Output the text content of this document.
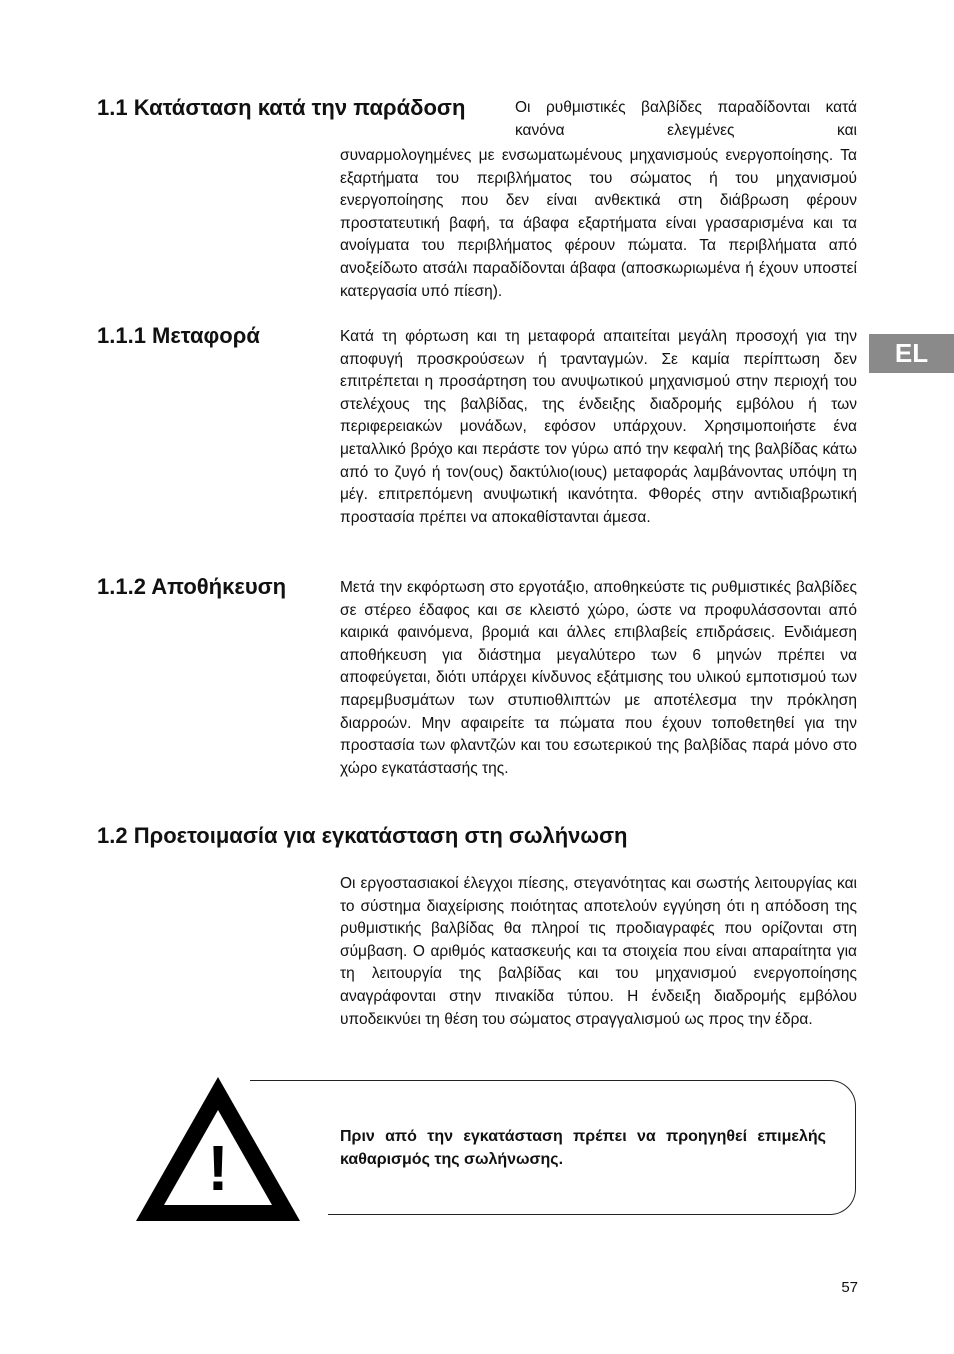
EL
1.1 Κατάσταση κατά την παράδοση	Οι ρυθμιστικές βαλβίδες παραδίδονται κατά κανόνα ελεγμένες και

συναρμολογημένες με ενσωματωμένους μηχανισμούς ενεργοποίησης. Τα εξαρτήματα του περιβλήματος του σώματος ή του μηχανισμού ενεργοποίησης που δεν είναι ανθεκτικά στη διάβρωση φέρουν προστατευτική βαφή, τα άβαφα εξαρτήματα είναι γρασαρισμένα και τα ανοίγματα του περιβλήματος φέρουν πώματα. Τα περιβλήματα από ανοξείδωτο ατσάλι παραδίδονται άβαφα (αποσκωριωμένα ή έχουν υποστεί κατεργασία υπό πίεση).

1.1.1 Μεταφορά	Κατά τη φόρτωση και τη μεταφορά απαιτείται μεγάλη προσοχή για την αποφυγή προσκρούσεων ή τρανταγμών. Σε καμία περίπτωση δεν επιτρέπεται η προσάρτηση του ανυψωτικού μηχανισμού στην περιοχή του στελέχους της βαλβίδας, της ένδειξης διαδρομής εμβόλου ή των περιφερειακών μονάδων, εφόσον υπάρχουν. Χρησιμοποιήστε ένα μεταλλικό βρόχο και περάστε τον γύρω από την κεφαλή της βαλβίδας κάτω από το ζυγό ή τον(ους) δακτύλιο(ιους) μεταφοράς λαμβάνοντας υπόψη τη μέγ. επιτρεπόμενη ανυψωτική ικανότητα. Φθορές στην αντιδιαβρωτική προστασία πρέπει να αποκαθίστανται άμεσα.

1.1.2 Αποθήκευση	Μετά την εκφόρτωση στο εργοτάξιο, αποθηκεύστε τις ρυθμιστικές βαλβίδες σε στέρεο έδαφος και σε κλειστό χώρο, ώστε να προφυλάσσονται από καιρικά φαινόμενα, βρομιά και άλλες επιβλαβείς επιδράσεις. Ενδιάμεση αποθήκευση για διάστημα μεγαλύτερο των 6 μηνών πρέπει να αποφεύγεται, διότι υπάρχει κίνδυνος εξάτμισης του υλικού εμποτισμού των παρεμβυσμάτων των στυπιοθλιπτών με αποτέλεσμα την πρόκληση διαρροών. Μην αφαιρείτε τα πώματα που έχουν τοποθετηθεί για την προστασία των φλαντζών και του εσωτερικού της βαλβίδας παρά μόνο στο χώρο εγκατάστασής της.

1.2 Προετοιμασία για εγκατάσταση στη σωλήνωση

Οι εργοστασιακοί έλεγχοι πίεσης, στεγανότητας και σωστής λειτουργίας και το σύστημα διαχείρισης ποιότητας αποτελούν εγγύηση ότι η απόδοση της ρυθμιστικής βαλβίδας θα πληροί τις προδιαγραφές που ορίζονται στη σύμβαση. Ο αριθμός κατασκευής και τα στοιχεία που είναι απαραίτητα για τη λειτουργία της βαλβίδας και του μηχανισμού ενεργοποίησης αναγράφονται στην πινακίδα τύπου. Η ένδειξη διαδρομής εμβόλου υποδεικνύει τη θέση του σώματος στραγγαλισμού ως προς την έδρα.

!	Πριν από την εγκατάσταση πρέπει να προηγηθεί επιμελής καθαρισμός της σωλήνωσης.

57
